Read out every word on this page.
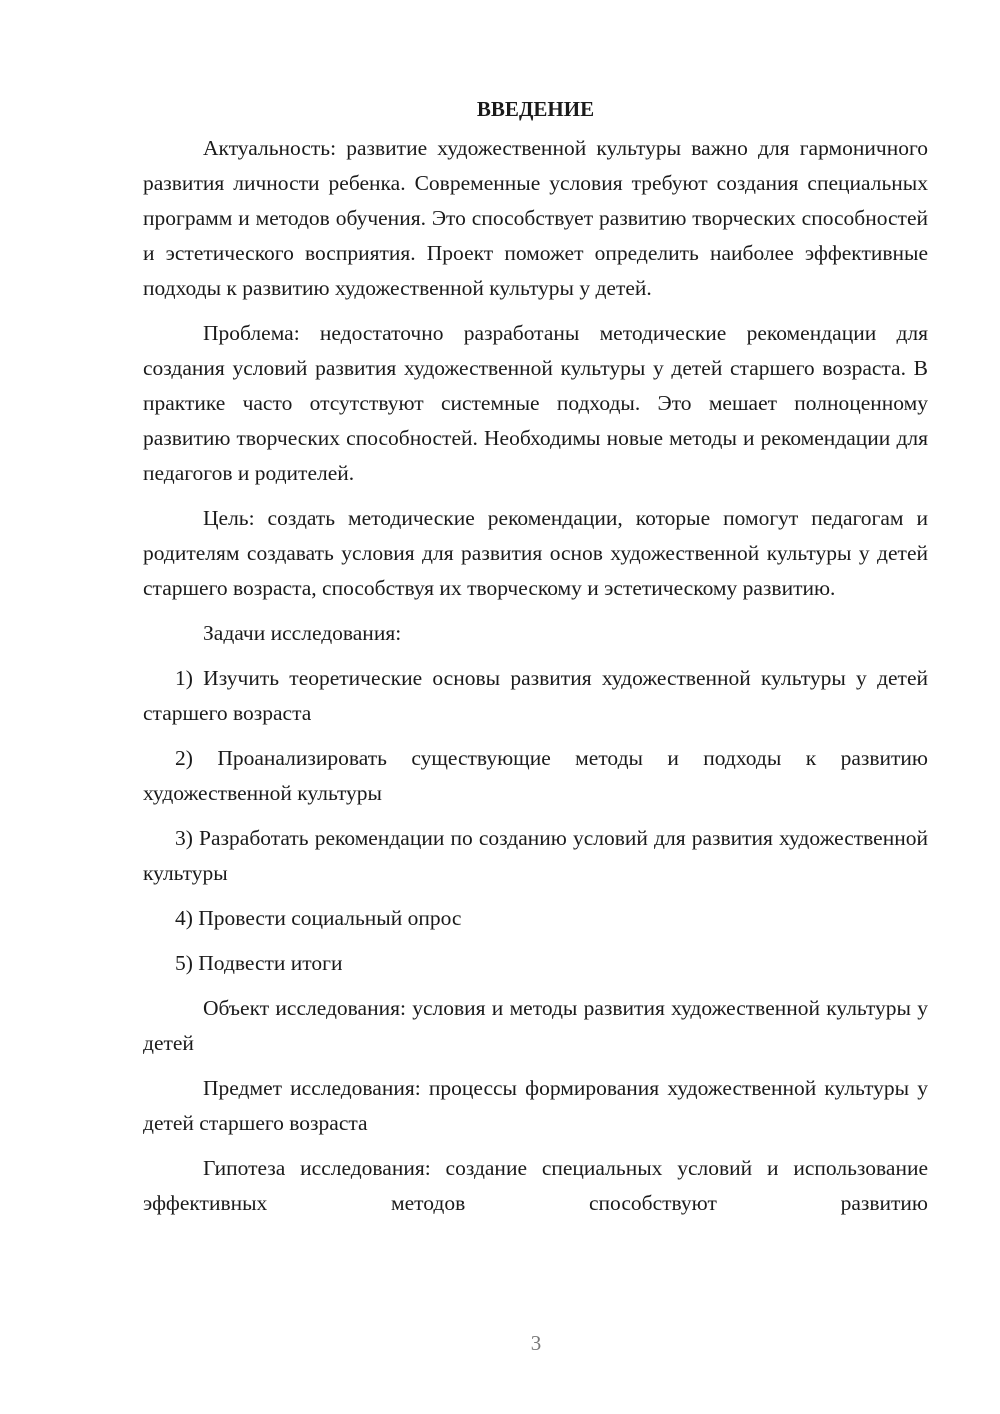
ВВЕДЕНИЕ

Актуальность: развитие художественной культуры важно для гармоничного развития личности ребенка. Современные условия требуют создания специальных программ и методов обучения. Это способствует развитию творческих способностей и эстетического восприятия. Проект поможет определить наиболее эффективные подходы к развитию художественной культуры у детей.

Проблема: недостаточно разработаны методические рекомендации для создания условий развития художественной культуры у детей старшего возраста. В практике часто отсутствуют системные подходы. Это мешает полноценному развитию творческих способностей. Необходимы новые методы и рекомендации для педагогов и родителей.

Цель: создать методические рекомендации, которые помогут педагогам и родителям создавать условия для развития основ художественной культуры у детей старшего возраста, способствуя их творческому и эстетическому развитию.

Задачи исследования:

1) Изучить теоретические основы развития художественной культуры у детей старшего возраста

2) Проанализировать существующие методы и подходы к развитию художественной культуры

3) Разработать рекомендации по созданию условий для развития художественной культуры

4) Провести социальный опрос

5) Подвести итоги

Объект исследования: условия и методы развития художественной культуры у детей

Предмет исследования: процессы формирования художественной культуры у детей старшего возраста

Гипотеза исследования: создание специальных условий и использование эффективных методов способствуют развитию

3
